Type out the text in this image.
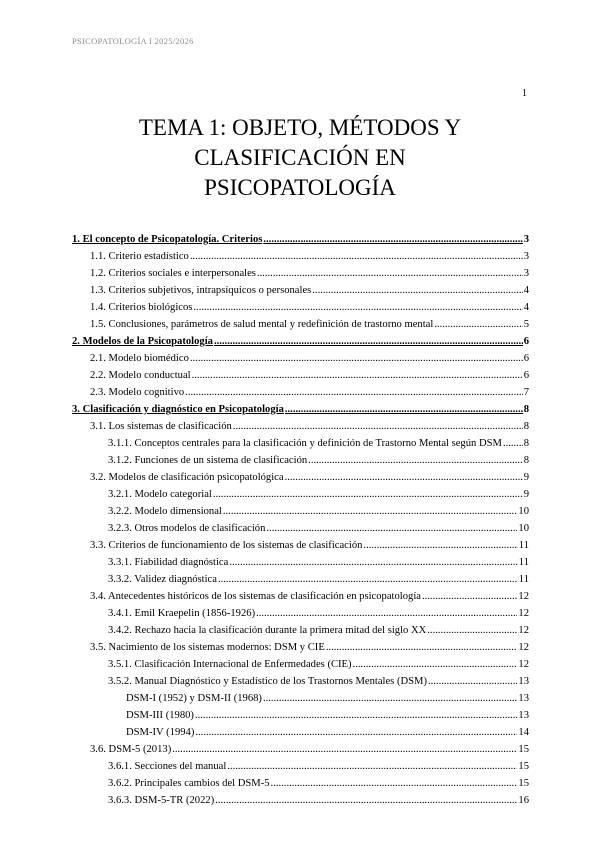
PSICOPATOLOGÍA I 2025/2026
1
TEMA 1: OBJETO, MÉTODOS Y
CLASIFICACIÓN EN
PSICOPATOLOGÍA
1. El concepto de Psicopatología. Criterios .....	3
1.1. Criterio estadístico .....	3
1.2. Criterios sociales e interpersonales .....	3
1.3. Criterios subjetivos, intrapsíquicos o personales .....	4
1.4. Criterios biológicos .....	4
1.5. Conclusiones, parámetros de salud mental y redefinición de trastorno mental .....	5
2. Modelos de la Psicopatología .....	6
2.1. Modelo biomédico .....	6
2.2. Modelo conductual .....	6
2.3. Modelo cognitivo .....	7
3. Clasificación y diagnóstico en Psicopatología .....	8
3.1. Los sistemas de clasificación .....	8
3.1.1. Conceptos centrales para la clasificación y definición de Trastorno Mental según DSM ..... 8
3.1.2. Funciones de un sistema de clasificación .....	8
3.2. Modelos de clasificación psicopatológica .....	9
3.2.1. Modelo categorial .....	9
3.2.2. Modelo dimensional .....	10
3.2.3. Otros modelos de clasificación .....	10
3.3. Criterios de funcionamiento de los sistemas de clasificación .....	11
3.3.1. Fiabilidad diagnóstica .....	11
3.3.2. Validez diagnóstica .....	11
3.4. Antecedentes históricos de los sistemas de clasificación en psicopatología .....	12
3.4.1. Emil Kraepelin (1856-1926) .....	12
3.4.2. Rechazo hacia la clasificación durante la primera mitad del siglo XX .....	12
3.5. Nacimiento de los sistemas modernos: DSM y CIE .....	12
3.5.1. Clasificación Internacional de Enfermedades (CIE) .....	12
3.5.2. Manual Diagnóstico y Estadístico de los Trastornos Mentales (DSM) .....	13
DSM-I (1952) y DSM-II (1968) .....	13
DSM-III (1980) .....	13
DSM-IV (1994) .....	14
3.6. DSM-5 (2013) .....	15
3.6.1. Secciones del manual .....	15
3.6.2. Principales cambios del DSM-5 .....	15
3.6.3. DSM-5-TR (2022) .....	16
